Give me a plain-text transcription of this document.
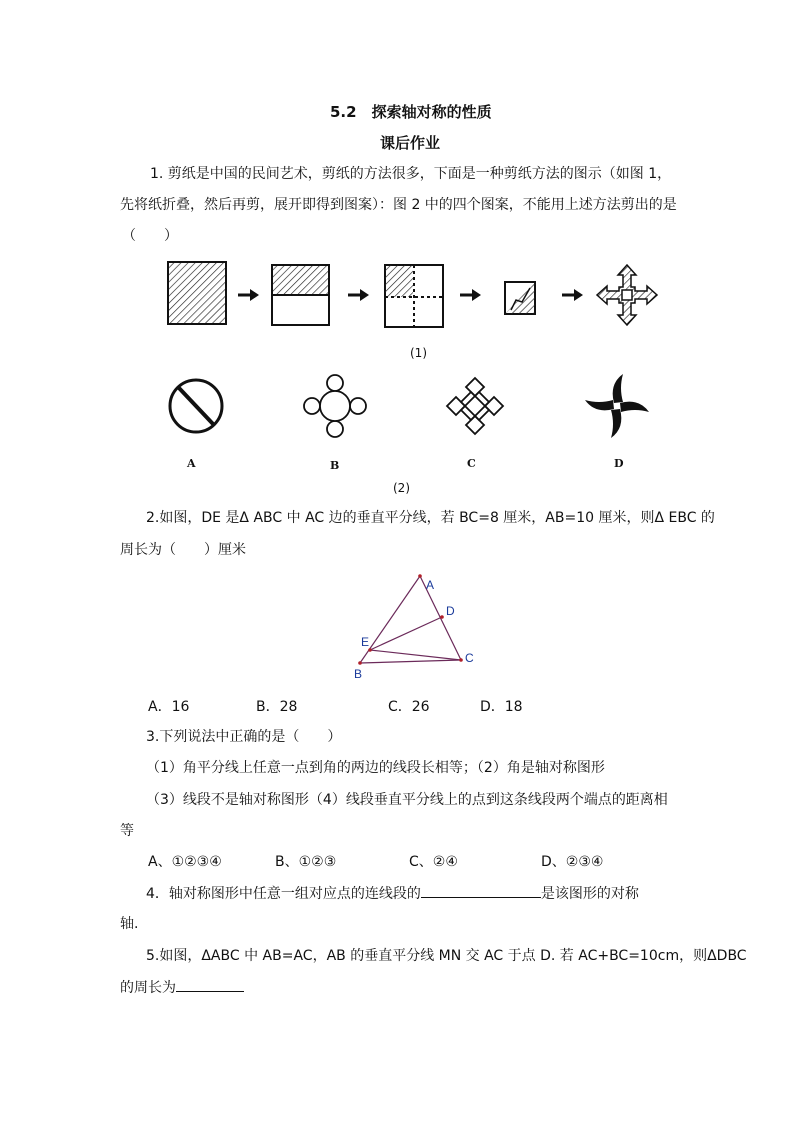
5.2　探索轴对称的性质
课后作业
1. 剪纸是中国的民间艺术，剪纸的方法很多，下面是一种剪纸方法的图示（如图 1，
先将纸折叠，然后再剪，展开即得到图案）：图 2 中的四个图案，不能用上述方法剪出的是
（　　）
(1)
A	B	C	D
(2)
2.如图，DE 是Δ ABC 中 AC 边的垂直平分线，若 BC=8 厘米，AB=10 厘米，则Δ EBC 的
周长为（　　）厘米
A
D
E
C
B
A．16	B．28	C．26	D．18
3.下列说法中正确的是（　　）
（1）角平分线上任意一点到角的两边的线段长相等；（2）角是轴对称图形
（3）线段不是轴对称图形（4）线段垂直平分线上的点到这条线段两个端点的距离相
等
A、①②③④	B、①②③	C、②④	D、②③④
4．轴对称图形中任意一组对应点的连线段的	是该图形的对称
轴.
5.如图，ΔABC 中 AB=AC，AB 的垂直平分线 MN 交 AC 于点 D. 若 AC+BC=10cm，则ΔDBC
的周长为
